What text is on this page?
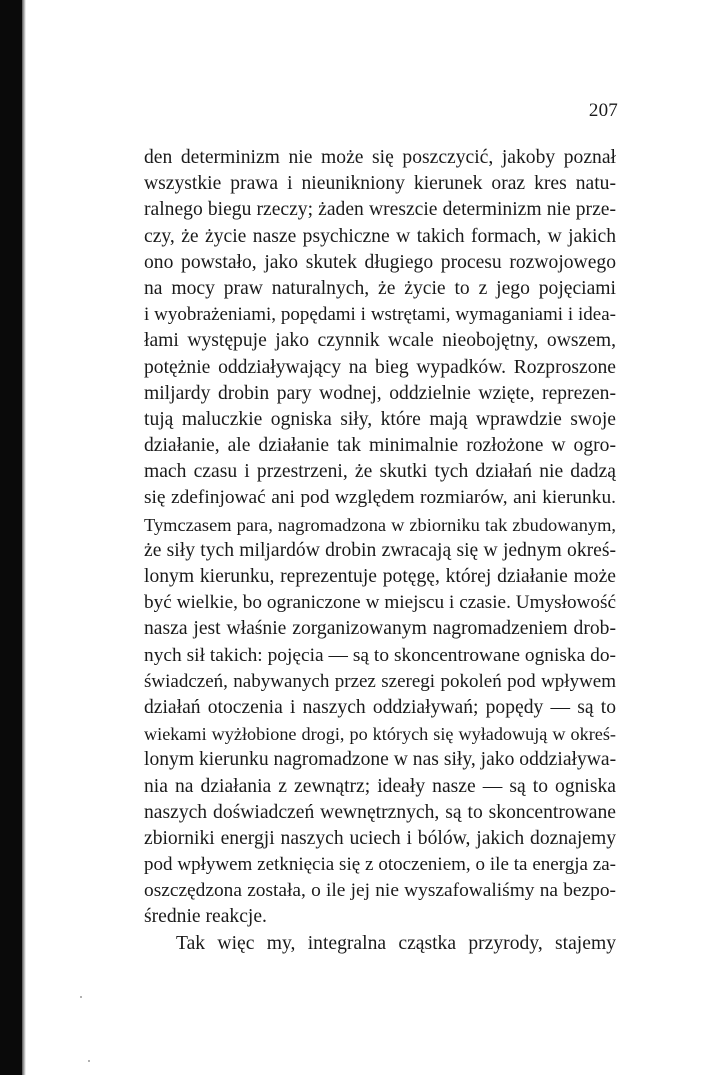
207
den determinizm nie może się poszczycić, jakoby poznał
wszystkie prawa i nieunikniony kierunek oraz kres natu-
ralnego biegu rzeczy; żaden wreszcie determinizm nie prze-
czy, że życie nasze psychiczne w takich formach, w jakich
ono powstało, jako skutek długiego procesu rozwojowego
na mocy praw naturalnych, że życie to z jego pojęciami
i wyobrażeniami, popędami i wstrętami, wymaganiami i idea-
łami występuje jako czynnik wcale nieobojętny, owszem,
potężnie oddziaływający na bieg wypadków. Rozproszone
miljardy drobin pary wodnej, oddzielnie wzięte, reprezen-
tują maluczkie ogniska siły, które mają wprawdzie swoje
działanie, ale działanie tak minimalnie rozłożone w ogro-
mach czasu i przestrzeni, że skutki tych działań nie dadzą
się zdefinjować ani pod względem rozmiarów, ani kierunku.
Tymczasem para, nagromadzona w zbiorniku tak zbudowanym,
że siły tych miljardów drobin zwracają się w jednym okreś-
lonym kierunku, reprezentuje potęgę, której działanie może
być wielkie, bo ograniczone w miejscu i czasie. Umysłowość
nasza jest właśnie zorganizowanym nagromadzeniem drob-
nych sił takich: pojęcia — są to skoncentrowane ogniska do-
świadczeń, nabywanych przez szeregi pokoleń pod wpływem
działań otoczenia i naszych oddziaływań; popędy — są to
wiekami wyżłobione drogi, po których się wyładowują w okreś-
lonym kierunku nagromadzone w nas siły, jako oddziaływa-
nia na działania z zewnątrz; ideały nasze — są to ogniska
naszych doświadczeń wewnętrznych, są to skoncentrowane
zbiorniki energji naszych uciech i bólów, jakich doznajemy
pod wpływem zetknięcia się z otoczeniem, o ile ta energja za-
oszczędzona została, o ile jej nie wyszafowaliśmy na bezpo-
średnie reakcje.
Tak więc my, integralna cząstka przyrody, stajemy
